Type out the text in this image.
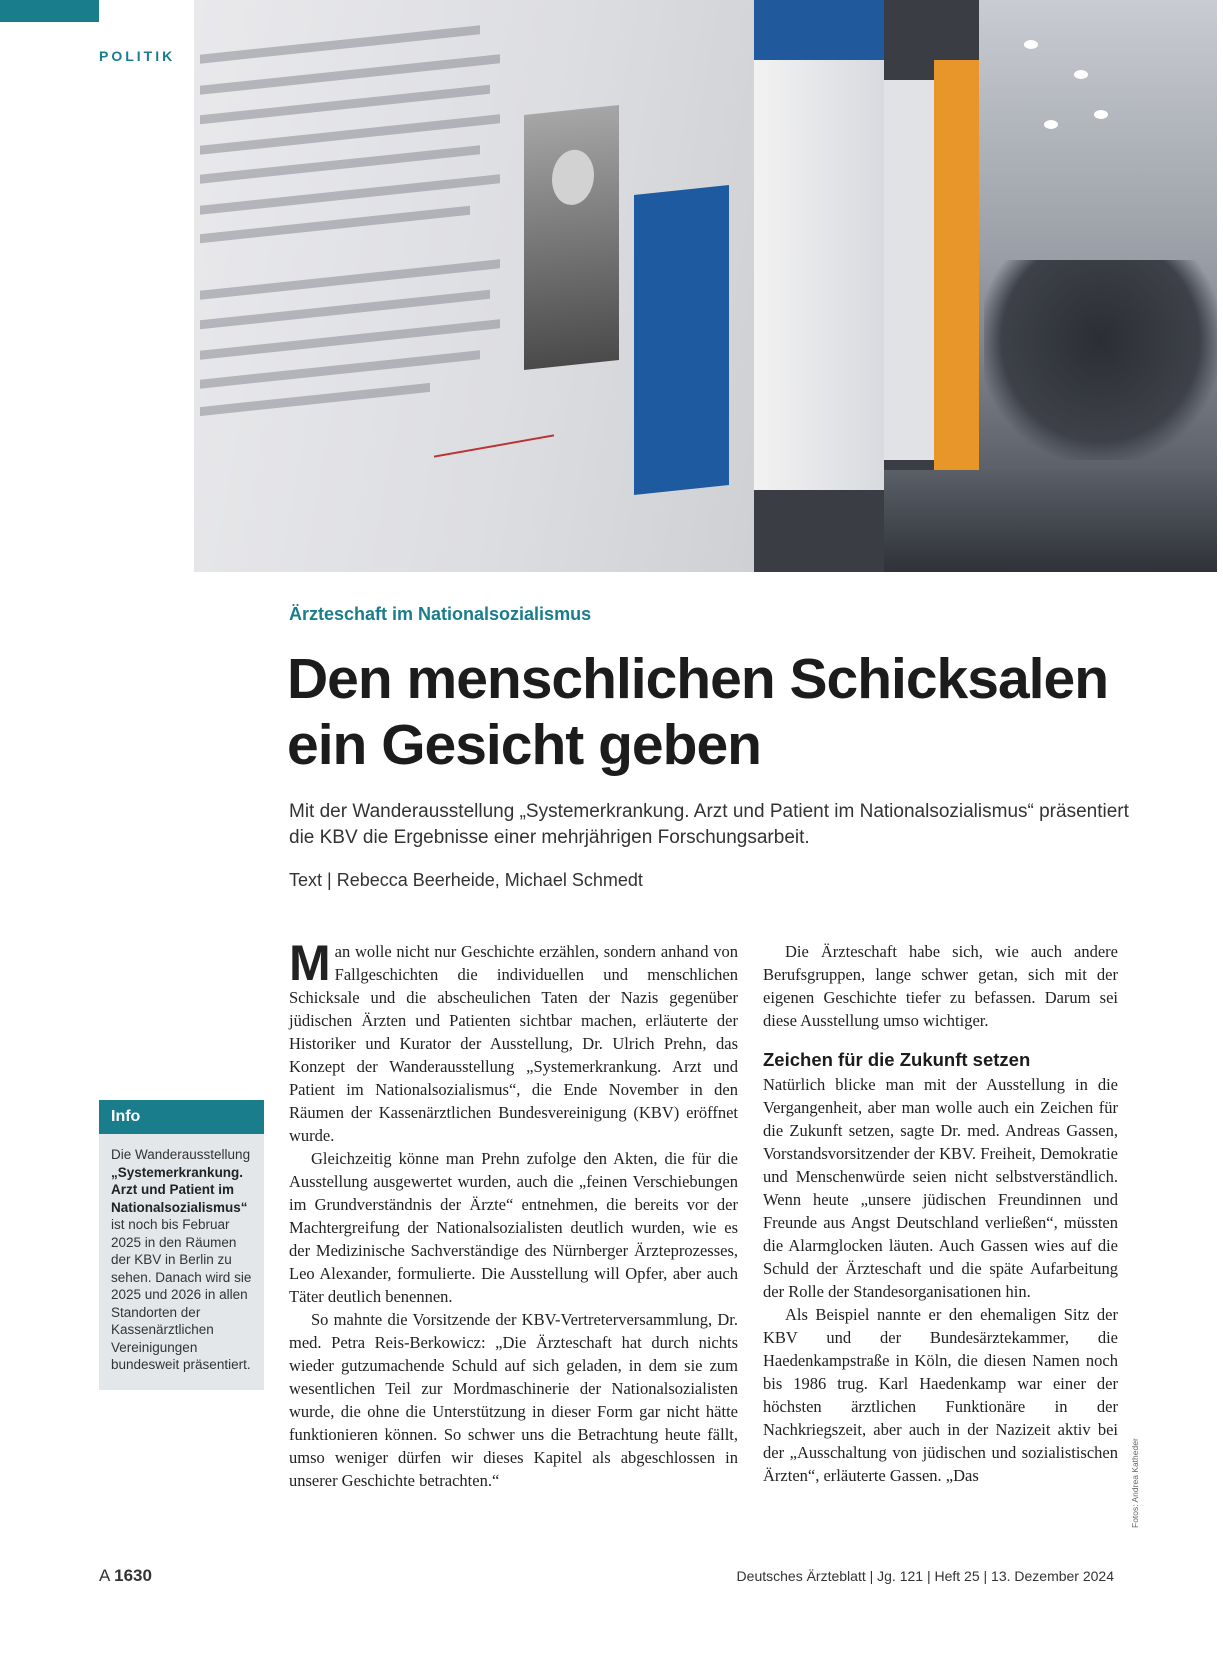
POLITIK
Ärzteschaft im Nationalsozialismus
Den menschlichen Schicksalen
ein Gesicht geben
Mit der Wanderausstellung „Systemerkrankung. Arzt und Patient im Nationalsozialismus“ präsentiert die KBV die Ergebnisse einer mehrjährigen Forschungsarbeit.
Text | Rebecca Beerheide, Michael Schmedt

Man wolle nicht nur Geschichte erzählen, sondern anhand von Fallgeschichten die individuellen und menschlichen Schicksale und die abscheulichen Taten der Nazis gegenüber jüdischen Ärzten und Patienten sichtbar machen, erläuterte der Historiker und Kurator der Ausstellung, Dr. Ulrich Prehn, das Konzept der Wanderausstellung „Systemerkrankung. Arzt und Patient im Nationalsozialismus“, die Ende November in den Räumen der Kassenärztlichen Bundesvereinigung (KBV) eröffnet wurde.

Gleichzeitig könne man Prehn zufolge den Akten, die für die Ausstellung ausgewertet wurden, auch die „feinen Verschiebungen im Grundverständnis der Ärzte“ entnehmen, die bereits vor der Machtergreifung der Nationalsozialisten deutlich wurden, wie es der Medizinische Sachverständige des Nürnberger Ärzteprozesses, Leo Alexander, formulierte. Die Ausstellung will Opfer, aber auch Täter deutlich benennen.

So mahnte die Vorsitzende der KBV-Vertreterversammlung, Dr. med. Petra Reis-Berkowicz: „Die Ärzteschaft hat durch nichts wieder gutzumachende Schuld auf sich geladen, in dem sie zum wesentlichen Teil zur Mordmaschinerie der Nationalsozialisten wurde, die ohne die Unterstützung in dieser Form gar nicht hätte funktionieren können. So schwer uns die Betrachtung heute fällt, umso weniger dürfen wir dieses Kapitel als abgeschlossen in unserer Geschichte betrachten.“

Die Ärzteschaft habe sich, wie auch andere Berufsgruppen, lange schwer getan, sich mit der eigenen Geschichte tiefer zu befassen. Darum sei diese Ausstellung umso wichtiger.

Zeichen für die Zukunft setzen

Natürlich blicke man mit der Ausstellung in die Vergangenheit, aber man wolle auch ein Zeichen für die Zukunft setzen, sagte Dr. med. Andreas Gassen, Vorstandsvorsitzender der KBV. Freiheit, Demokratie und Menschenwürde seien nicht selbstverständlich. Wenn heute „unsere jüdischen Freundinnen und Freunde aus Angst Deutschland verließen“, müssten die Alarmglocken läuten. Auch Gassen wies auf die Schuld der Ärzteschaft und die späte Aufarbeitung der Rolle der Standesorganisationen hin.

Als Beispiel nannte er den ehemaligen Sitz der KBV und der Bundesärztekammer, die Haedenkampstraße in Köln, die diesen Namen noch bis 1986 trug. Karl Haedenkamp war einer der höchsten ärztlichen Funktionäre in der Nachkriegszeit, aber auch in der Nazizeit aktiv bei der „Ausschaltung von jüdischen und sozialistischen Ärzten“, erläuterte Gassen. „Das

Info
Die Wanderausstellung „Systemerkrankung. Arzt und Patient im Nationalsozialismus“ ist noch bis Februar 2025 in den Räumen der KBV in Berlin zu sehen. Danach wird sie 2025 und 2026 in allen Standorten der Kassenärztlichen Vereinigungen bundesweit präsentiert.
Fotos: Andrea Katheder
A 1630	Deutsches Ärzteblatt | Jg. 121 | Heft 25 | 13. Dezember 2024
